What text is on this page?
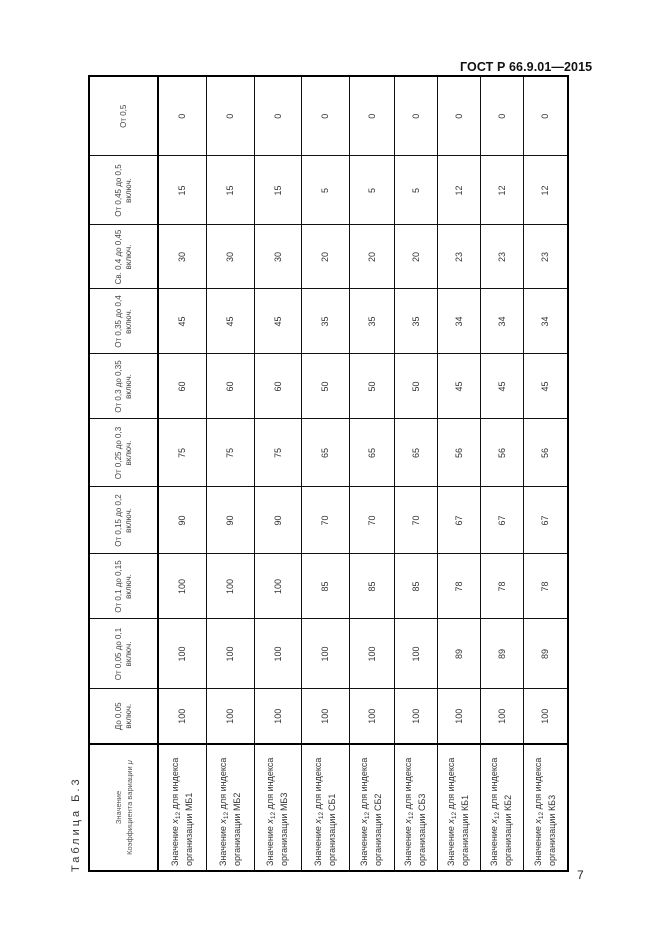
ГОСТ Р 66.9.01—2015
Таблица Б.3	Значение Коэффициента вариации μ	До 0,05 включ.	От 0,05 до 0,1 включ.	От 0,1 до 0,15 включ.	От 0,15 до 0,2 включ.	От 0,25 до 0,3 включ.	От 0,3 до 0,35 включ.	От 0,35 до 0,4 включ.	Св. 0,4 до 0,45 включ.	От 0,45 до 0,5 включ.	От 0,5
Значение $x_{12}$ для индекса организации МБ1	100	100	100	90	75	60	45	30	15	0
Значение $x_{12}$ для индекса организации МБ2	100	100	100	90	75	60	45	30	15	0
Значение $x_{12}$ для индекса организации МБ3	100	100	100	90	75	60	45	30	15	0
Значение $x_{12}$ для индекса организации СБ1	100	100	85	70	65	50	35	20	5	0
Значение $x_{12}$ для индекса организации СБ2	100	100	85	70	65	50	35	20	5	0
Значение $x_{12}$ для индекса организации СБ3	100	100	85	70	65	50	35	20	5	0
Значение $x_{12}$ для индекса организации КБ1	100	89	78	67	56	45	34	23	12	0
Значение $x_{12}$ для индекса организации КБ2	100	89	78	67	56	45	34	23	12	0
Значение $x_{12}$ для индекса организации КБ3	100	89	78	67	56	45	34	23	12	0
7
